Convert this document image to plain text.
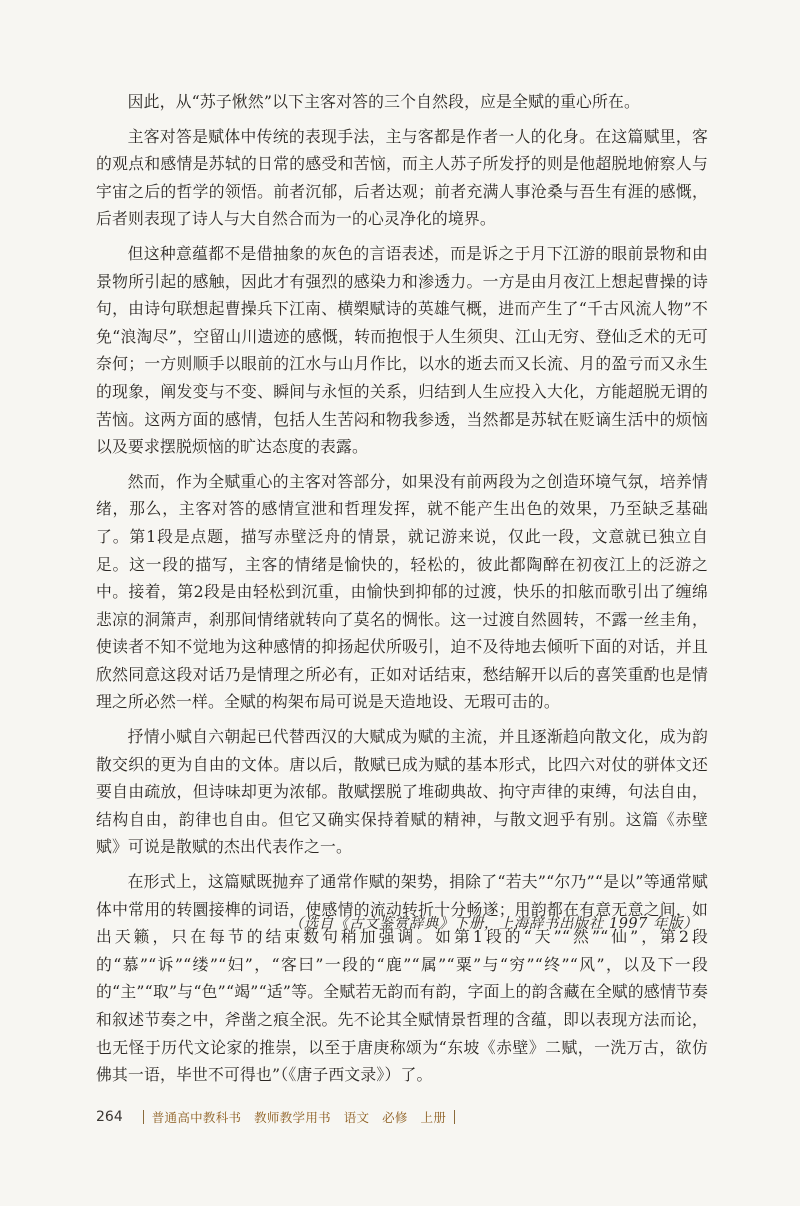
因此，从“苏子愀然”以下主客对答的三个自然段，应是全赋的重心所在。

主客对答是赋体中传统的表现手法，主与客都是作者一人的化身。在这篇赋里，客的观点和感情是苏轼的日常的感受和苦恼，而主人苏子所发抒的则是他超脱地俯察人与宇宙之后的哲学的领悟。前者沉郁，后者达观；前者充满人事沧桑与吾生有涯的感慨，后者则表现了诗人与大自然合而为一的心灵净化的境界。

但这种意蕴都不是借抽象的灰色的言语表述，而是诉之于月下江游的眼前景物和由景物所引起的感触，因此才有强烈的感染力和渗透力。一方是由月夜江上想起曹操的诗句，由诗句联想起曹操兵下江南、横槊赋诗的英雄气概，进而产生了“千古风流人物”不免“浪淘尽”，空留山川遗迹的感慨，转而抱恨于人生须臾、江山无穷、登仙乏术的无可奈何；一方则顺手以眼前的江水与山月作比，以水的逝去而又长流、月的盈亏而又永生的现象，阐发变与不变、瞬间与永恒的关系，归结到人生应投入大化，方能超脱无谓的苦恼。这两方面的感情，包括人生苦闷和物我参透，当然都是苏轼在贬谪生活中的烦恼以及要求摆脱烦恼的旷达态度的表露。

然而，作为全赋重心的主客对答部分，如果没有前两段为之创造环境气氛，培养情绪，那么，主客对答的感情宣泄和哲理发挥，就不能产生出色的效果，乃至缺乏基础了。第1段是点题，描写赤壁泛舟的情景，就记游来说，仅此一段，文意就已独立自足。这一段的描写，主客的情绪是愉快的，轻松的，彼此都陶醉在初夜江上的泛游之中。接着，第2段是由轻松到沉重，由愉快到抑郁的过渡，快乐的扣舷而歌引出了缠绵悲凉的洞箫声，刹那间情绪就转向了莫名的惆怅。这一过渡自然圆转，不露一丝圭角，使读者不知不觉地为这种感情的抑扬起伏所吸引，迫不及待地去倾听下面的对话，并且欣然同意这段对话乃是情理之所必有，正如对话结束，愁结解开以后的喜笑重酌也是情理之所必然一样。全赋的构架布局可说是天造地设、无瑕可击的。

抒情小赋自六朝起已代替西汉的大赋成为赋的主流，并且逐渐趋向散文化，成为韵散交织的更为自由的文体。唐以后，散赋已成为赋的基本形式，比四六对仗的骈体文还要自由疏放，但诗味却更为浓郁。散赋摆脱了堆砌典故、拘守声律的束缚，句法自由，结构自由，韵律也自由。但它又确实保持着赋的精神，与散文迥乎有别。这篇《赤壁赋》可说是散赋的杰出代表作之一。

在形式上，这篇赋既抛弃了通常作赋的架势，捐除了“若夫”“尔乃”“是以”等通常赋体中常用的转圜接榫的词语，使感情的流动转折十分畅遂；用韵都在有意无意之间，如出天籁，只在每节的结束数句稍加强调。如第1段的“天”“然”“仙”，第2段的“慕”“诉”“缕”“妇”，“客曰”一段的“鹿”“属”“粟”与“穷”“终”“风”，以及下一段的“主”“取”与“色”“竭”“适”等。全赋若无韵而有韵，字面上的韵含藏在全赋的感情节奏和叙述节奏之中，斧凿之痕全泯。先不论其全赋情景哲理的含蕴，即以表现方法而论，也无怪于历代文论家的推崇，以至于唐庚称颂为“东坡《赤壁》二赋，一洗万古，欲仿佛其一语，毕世不可得也”（《唐子西文录》）了。

（选自《古文鉴赏辞典》下册，上海辞书出版社 1997 年版）
264 普通高中教科书　教师教学用书　语文　必修　上册
